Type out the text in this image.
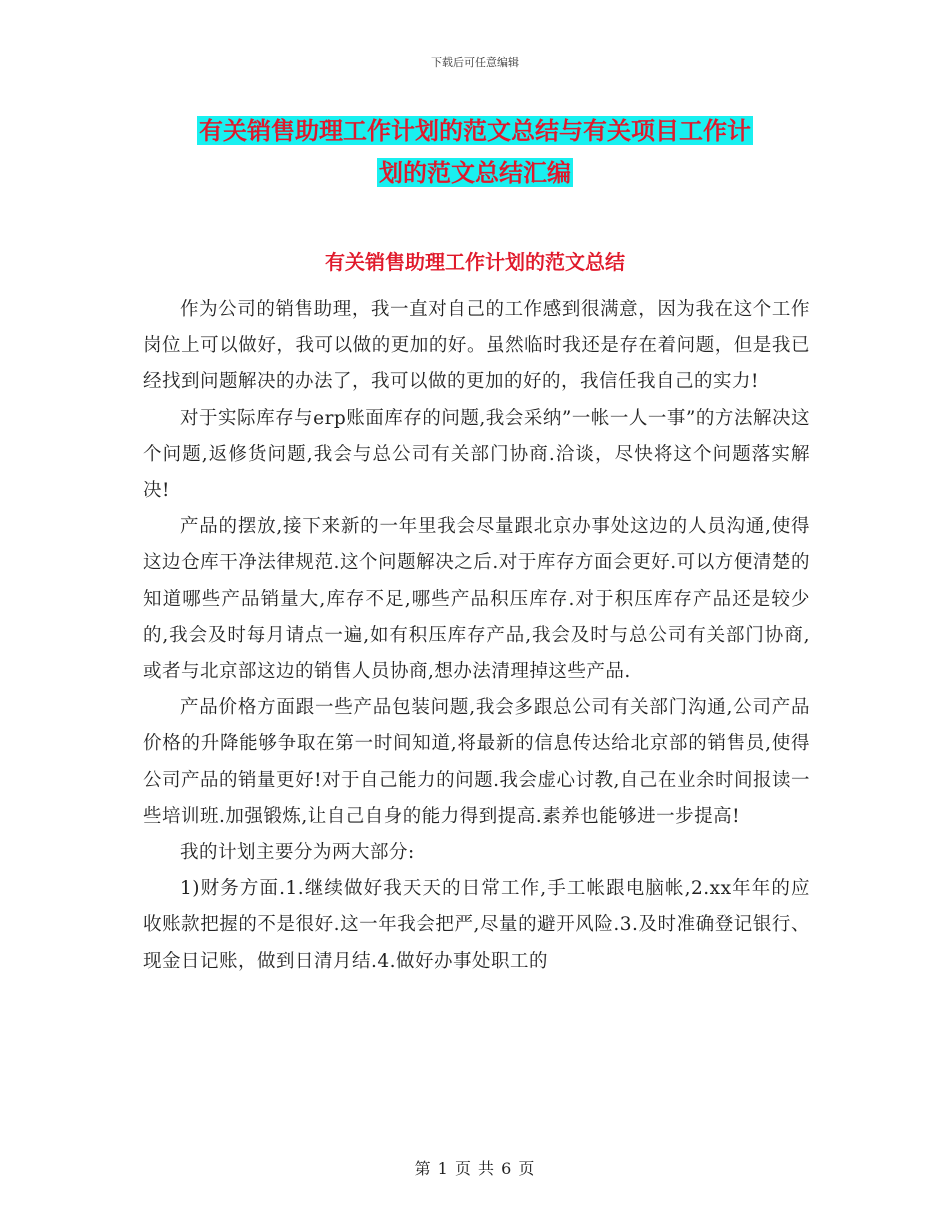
下载后可任意编辑
有关销售助理工作计划的范文总结与有关项目工作计
划的范文总结汇编
有关销售助理工作计划的范文总结

作为公司的销售助理，我一直对自己的工作感到很满意，因为我在这个工作岗位上可以做好，我可以做的更加的好。虽然临时我还是存在着问题，但是我已经找到问题解决的办法了，我可以做的更加的好的，我信任我自己的实力!

对于实际库存与erp账面库存的问题,我会采纳”一帐一人一事”的方法解决这个问题,返修货问题,我会与总公司有关部门协商.洽谈，尽快将这个问题落实解决!

产品的摆放,接下来新的一年里我会尽量跟北京办事处这边的人员沟通,使得这边仓库干净法律规范.这个问题解决之后.对于库存方面会更好.可以方便清楚的知道哪些产品销量大,库存不足,哪些产品积压库存.对于积压库存产品还是较少的,我会及时每月请点一遍,如有积压库存产品,我会及时与总公司有关部门协商,或者与北京部这边的销售人员协商,想办法清理掉这些产品.

产品价格方面跟一些产品包装问题,我会多跟总公司有关部门沟通,公司产品价格的升降能够争取在第一时间知道,将最新的信息传达给北京部的销售员,使得公司产品的销量更好!对于自己能力的问题.我会虚心讨教,自己在业余时间报读一些培训班.加强锻炼,让自己自身的能力得到提高.素养也能够进一步提高!

我的计划主要分为两大部分:

1)财务方面.1.继续做好我天天的日常工作,手工帐跟电脑帐,2.xx年年的应收账款把握的不是很好.这一年我会把严,尽量的避开风险.3.及时准确登记银行、现金日记账，做到日清月结.4.做好办事处职工的

第 1 页 共 6 页
